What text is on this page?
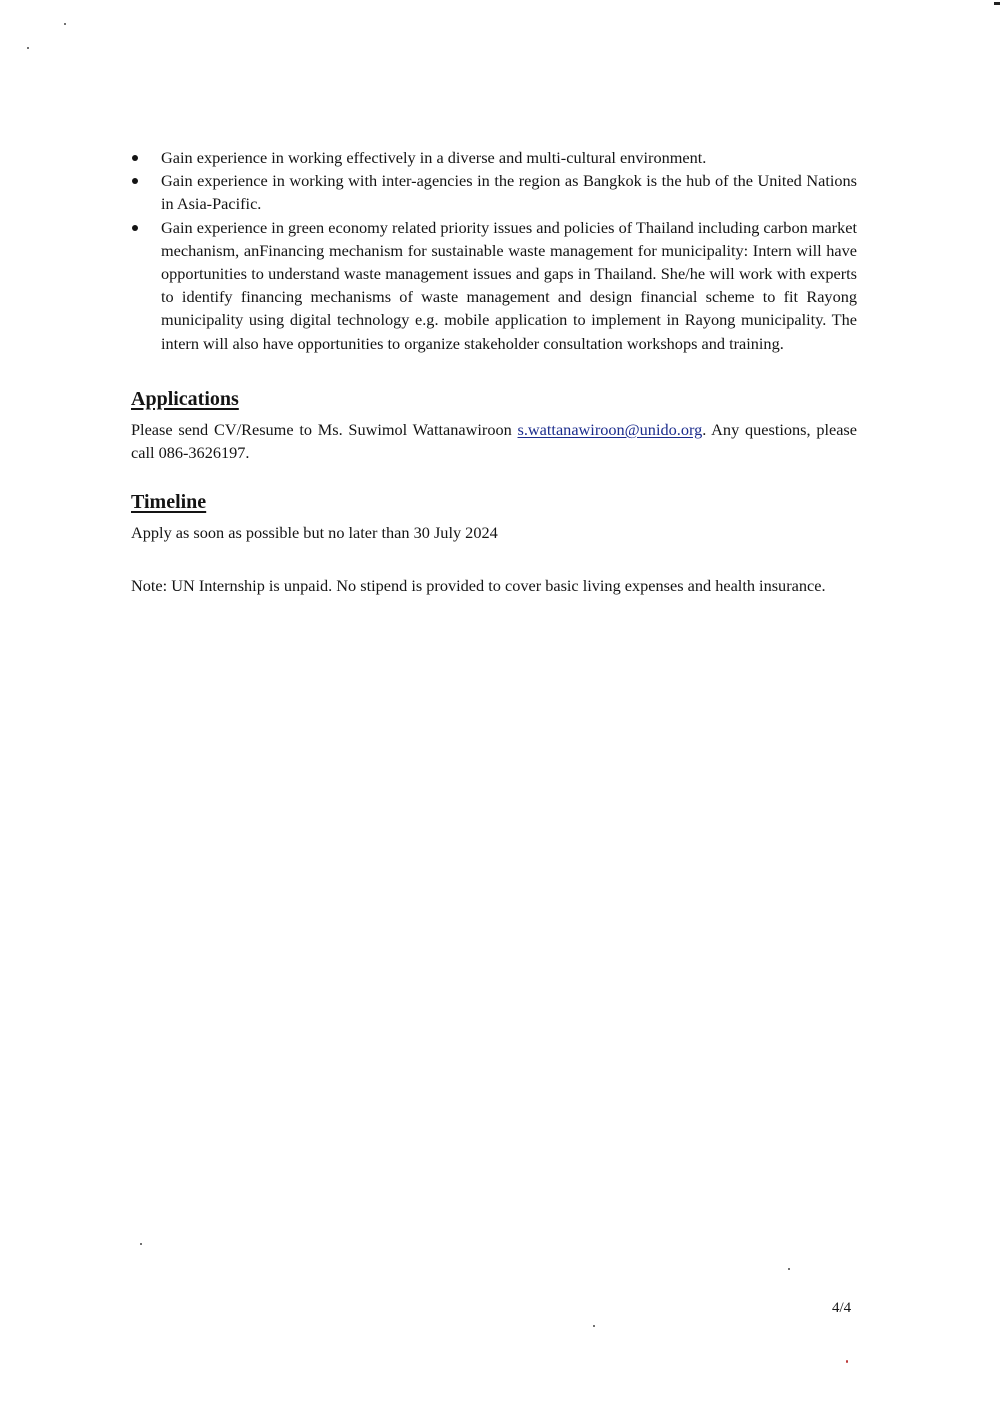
Gain experience in working effectively in a diverse and multi-cultural environment.
Gain experience in working with inter-agencies in the region as Bangkok is the hub of the United Nations in Asia-Pacific.
Gain experience in green economy related priority issues and policies of Thailand including carbon market mechanism, anFinancing mechanism for sustainable waste management for municipality: Intern will have opportunities to understand waste management issues and gaps in Thailand. She/he will work with experts to identify financing mechanisms of waste management and design financial scheme to fit Rayong municipality using digital technology e.g. mobile application to implement in Rayong municipality. The intern will also have opportunities to organize stakeholder consultation workshops and training.
Applications

Please send CV/Resume to Ms. Suwimol Wattanawiroon s.wattanawiroon@unido.org. Any questions, please call 086-3626197.

Timeline

Apply as soon as possible but no later than 30 July 2024

Note: UN Internship is unpaid. No stipend is provided to cover basic living expenses and health insurance.

4/4
